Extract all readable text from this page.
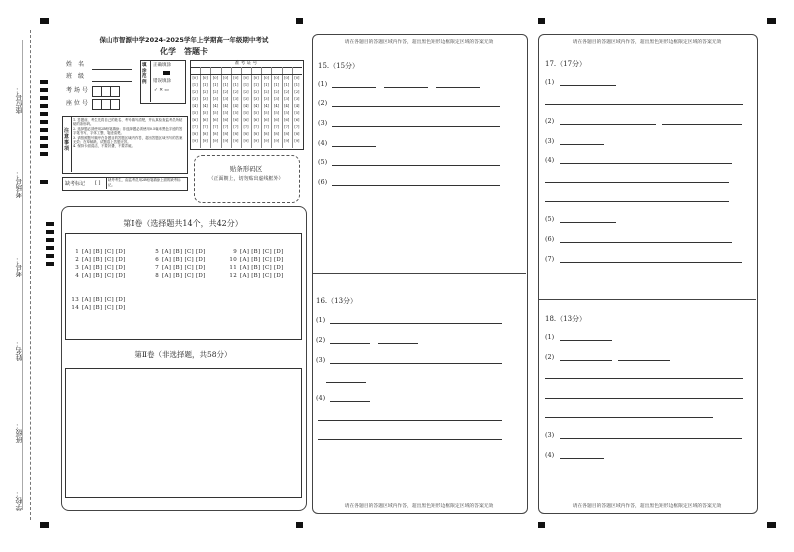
座位号：
考场号：
考号：
姓名：
班级：
学校：
保山市智源中学2024-2025学年上学期高一年级期中考试
化学　答题卡
姓　名
班　级
考 场 号
座 位 号
填涂范例
正确填涂
错误填涂
✓ ✕ ▭
准 考 证 号
[0]
[1]
[2]
[3]
[4]
[5]
[6]
[7]
[8]
[9]
[0]
[1]
[2]
[3]
[4]
[5]
[6]
[7]
[8]
[9]
[0]
[1]
[2]
[3]
[4]
[5]
[6]
[7]
[8]
[9]
[0]
[1]
[2]
[3]
[4]
[5]
[6]
[7]
[8]
[9]
[0]
[1]
[2]
[3]
[4]
[5]
[6]
[7]
[8]
[9]
[0]
[1]
[2]
[3]
[4]
[5]
[6]
[7]
[8]
[9]
[0]
[1]
[2]
[3]
[4]
[5]
[6]
[7]
[8]
[9]
[0]
[1]
[2]
[3]
[4]
[5]
[6]
[7]
[8]
[9]
[0]
[1]
[2]
[3]
[4]
[5]
[6]
[7]
[8]
[9]
[0]
[1]
[2]
[3]
[4]
[5]
[6]
[7]
[8]
[9]
[0]
[1]
[2]
[3]
[4]
[5]
[6]
[7]
[8]
[9]
注意事项
1. 答题前，考生先将自己的姓名、考号填写清楚，并认真检查监考员所粘贴的条形码。
2. 选择题必须使用2B铅笔填涂；非选择题必须使用0.5毫米黑色字迹的签字笔书写，字体工整、笔迹清楚。
3. 请按照题号顺序在各题目的答题区域内作答，超出答题区域书写的答案无效；在草稿纸、试题卷上答题无效。
4. 保持卡面清洁，不要折叠、不要弄破。
缺考标记 [ ] 缺考考生，由监考员用2B铅笔填涂上面的缺考标记。
贴条形码区
（正面朝上，切勿贴出虚线框外）
第Ⅰ卷（选择题共14个，共42分）
1[A] [B] [C] [D]
2[A] [B] [C] [D]
3[A] [B] [C] [D]
4[A] [B] [C] [D]
5[A] [B] [C] [D]
6[A] [B] [C] [D]
7[A] [B] [C] [D]
8[A] [B] [C] [D]
9[A] [B] [C] [D]
10[A] [B] [C] [D]
11[A] [B] [C] [D]
12[A] [B] [C] [D]
13[A] [B] [C] [D]
14[A] [B] [C] [D]
第Ⅱ卷（非选择题，共58分）
请在各题目的答题区域内作答，超出黑色矩形边框限定区域的答案无效
请在各题目的答题区域内作答，超出黑色矩形边框限定区域的答案无效
15.（15分）
(1)
(2)
(3)
(4)
(5)
(6)
16.（13分）
(1)
(2)
(3)
(4)
请在各题目的答题区域内作答，超出黑色矩形边框限定区域的答案无效
请在各题目的答题区域内作答，超出黑色矩形边框限定区域的答案无效
17.（17分）
(1)
(2)
(3)
(4)
(5)
(6)
(7)
18.（13分）
(1)
(2)
(3)
(4)
